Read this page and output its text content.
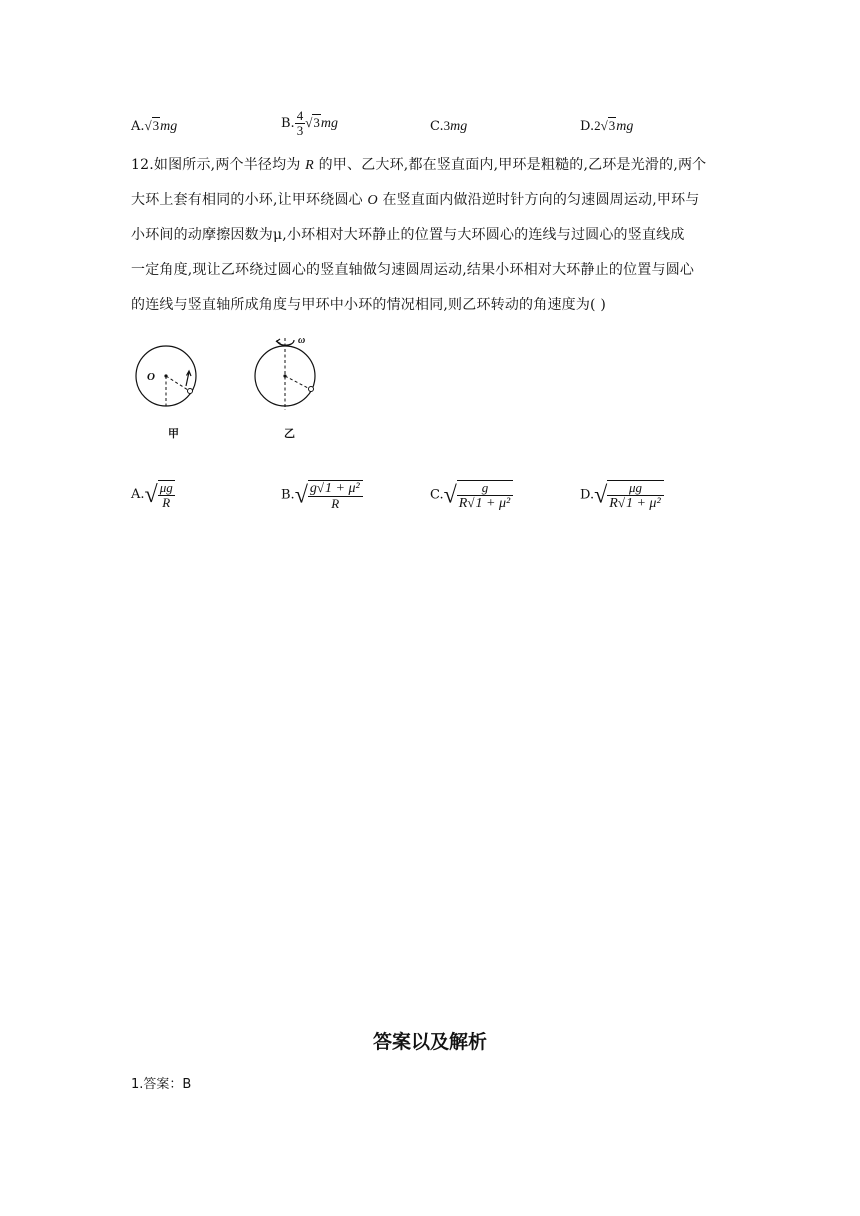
A.√3mg	B. $\frac{4}{3} √3mg$	C.3mg	D.2√3mg
12.如图所示,两个半径均为 R 的甲、乙大环,都在竖直面内,甲环是粗糙的,乙环是光滑的,两个
大环上套有相同的小环,让甲环绕圆心 O 在竖直面内做沿逆时针方向的匀速圆周运动,甲环与
小环间的动摩擦因数为μ,小环相对大环静止的位置与大环圆心的连线与过圆心的竖直线成
一定角度,现让乙环绕过圆心的竖直轴做匀速圆周运动,结果小环相对大环静止的位置与圆心
的连线与竖直轴所成角度与甲环中小环的情况相同,则乙环转动的角速度为( )
O
ω
甲	乙
$A.√ \frac{\mu g}{R}$	$B.√ \frac{\text{g√1 + μ²}}{R}$	$C.√ \frac{g}{\text{R√1 + μ²}}$	$D.√ \frac{\mu g}{\text{R√1 + μ²}}$
答案以及解析
1.答案：B
